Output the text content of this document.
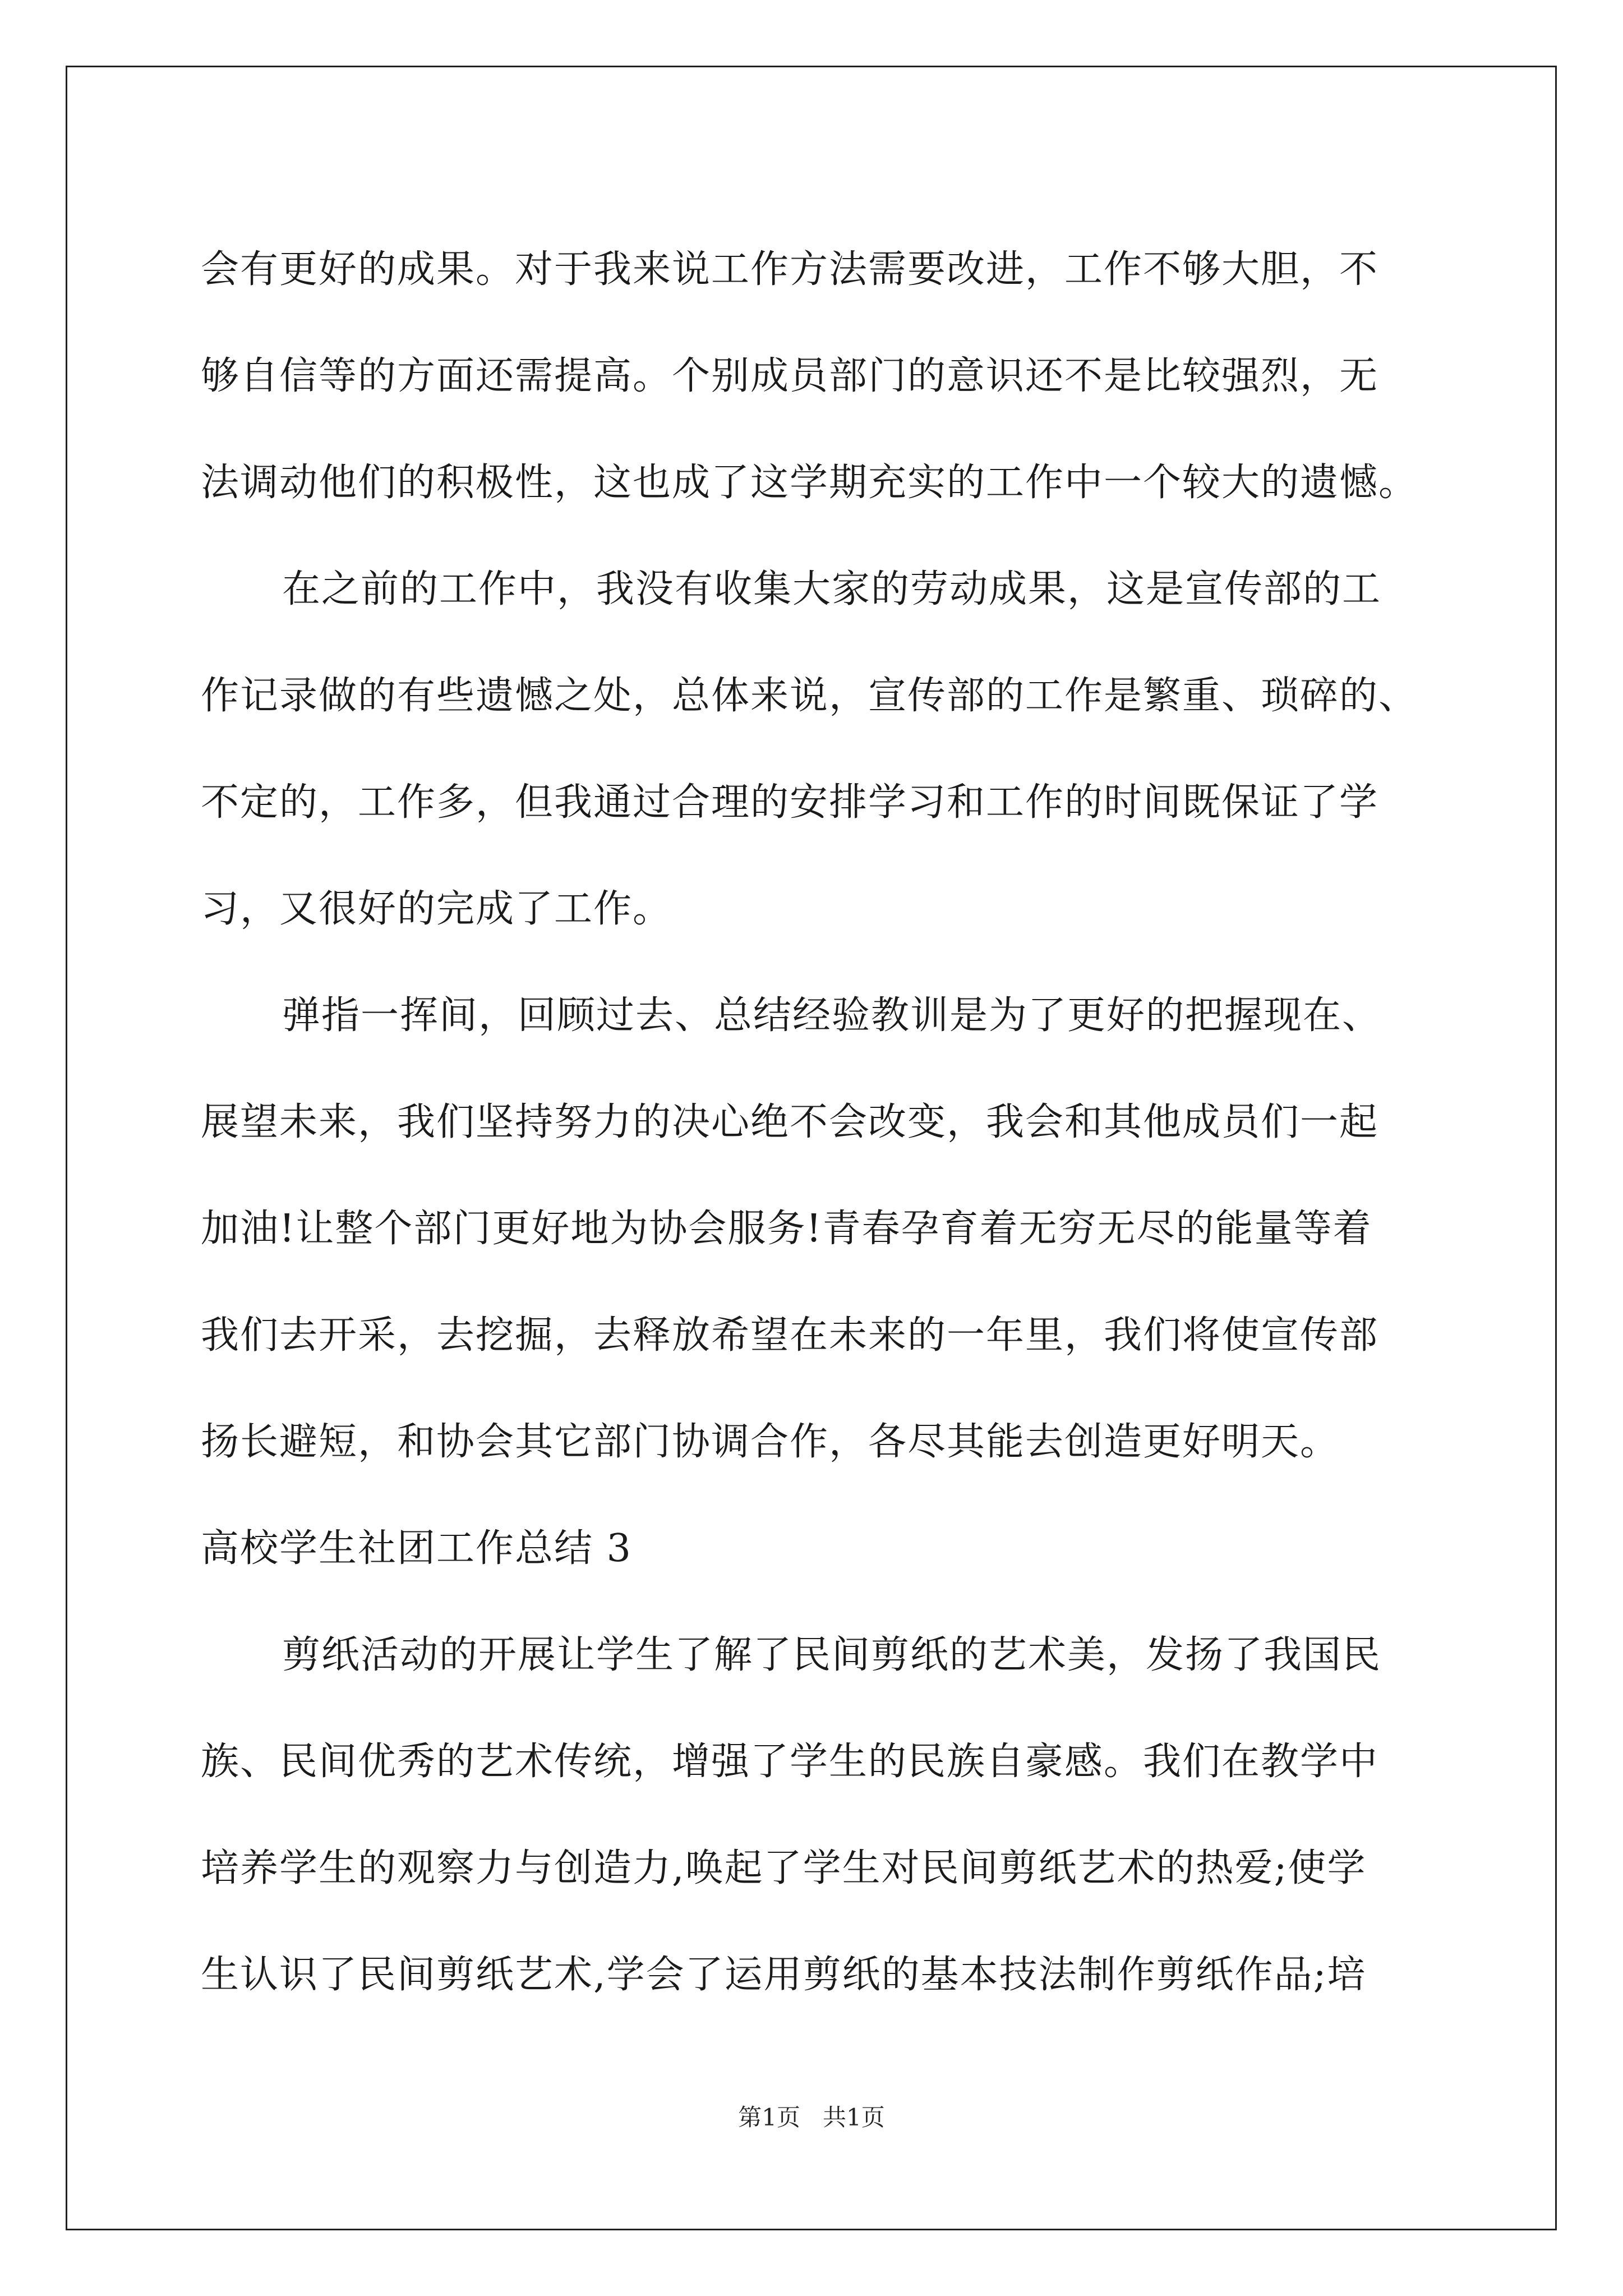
会有更好的成果。对于我来说工作方法需要改进，工作不够大胆，不
够自信等的方面还需提高。个别成员部门的意识还不是比较强烈，无
法调动他们的积极性，这也成了这学期充实的工作中一个较大的遗憾。
在之前的工作中，我没有收集大家的劳动成果，这是宣传部的工
作记录做的有些遗憾之处，总体来说，宣传部的工作是繁重、琐碎的、
不定的，工作多，但我通过合理的安排学习和工作的时间既保证了学
习，又很好的完成了工作。
弹指一挥间，回顾过去、总结经验教训是为了更好的把握现在、
展望未来，我们坚持努力的决心绝不会改变，我会和其他成员们一起
加油!让整个部门更好地为协会服务!青春孕育着无穷无尽的能量等着
我们去开采，去挖掘，去释放希望在未来的一年里，我们将使宣传部
扬长避短，和协会其它部门协调合作，各尽其能去创造更好明天。
高校学生社团工作总结 3
剪纸活动的开展让学生了解了民间剪纸的艺术美，发扬了我国民
族、民间优秀的艺术传统，增强了学生的民族自豪感。我们在教学中
培养学生的观察力与创造力,唤起了学生对民间剪纸艺术的热爱;使学
生认识了民间剪纸艺术,学会了运用剪纸的基本技法制作剪纸作品;培
第1页   共1页
